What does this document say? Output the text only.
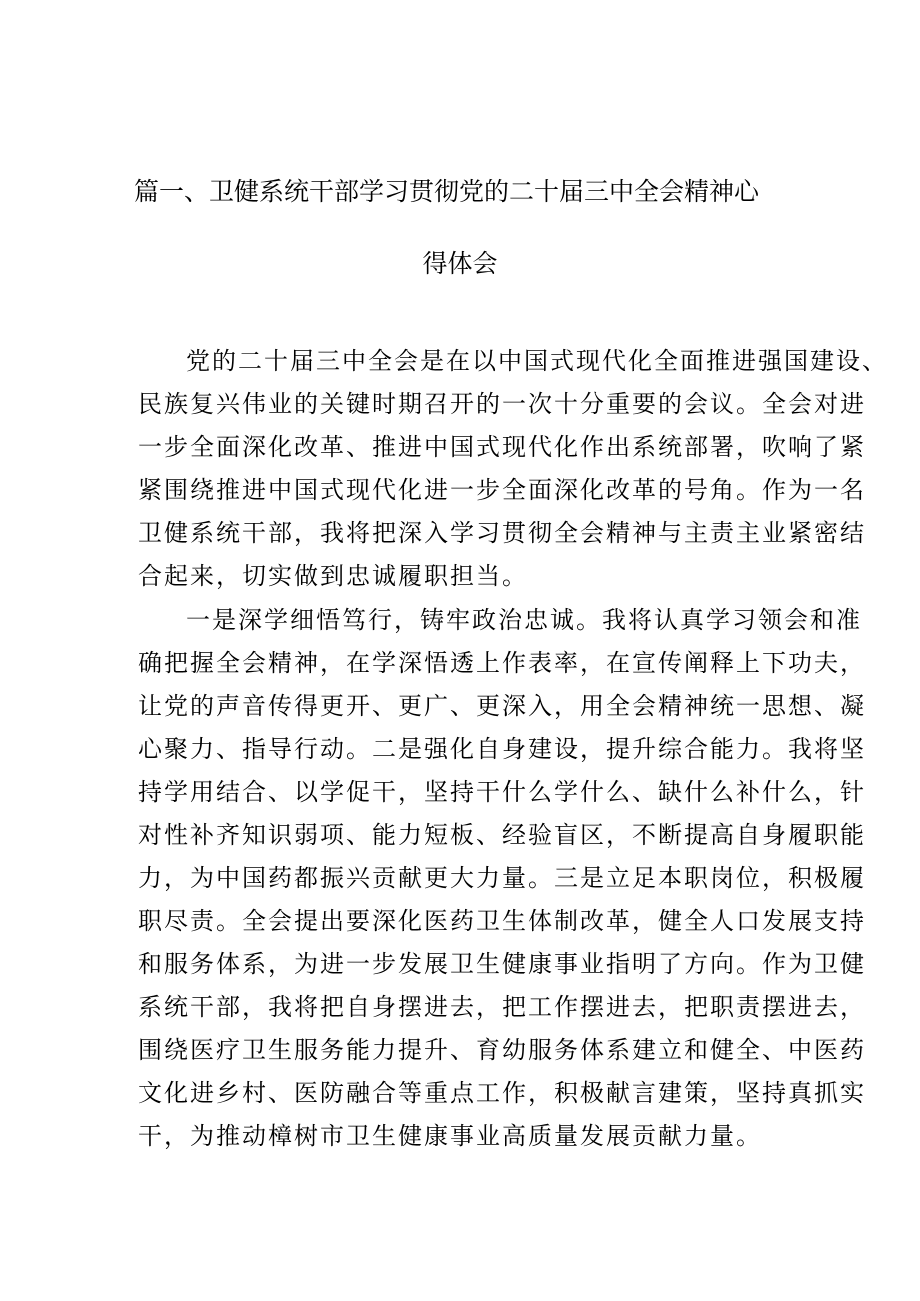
篇一、卫健系统干部学习贯彻党的二十届三中全会精神心
得体会
党的二十届三中全会是在以中国式现代化全面推进强国建设、
民族复兴伟业的关键时期召开的一次十分重要的会议。全会对进
一步全面深化改革、推进中国式现代化作出系统部署，吹响了紧
紧围绕推进中国式现代化进一步全面深化改革的号角。作为一名
卫健系统干部，我将把深入学习贯彻全会精神与主责主业紧密结
合起来，切实做到忠诚履职担当。
一是深学细悟笃行，铸牢政治忠诚。我将认真学习领会和准
确把握全会精神，在学深悟透上作表率，在宣传阐释上下功夫，
让党的声音传得更开、更广、更深入，用全会精神统一思想、凝
心聚力、指导行动。二是强化自身建设，提升综合能力。我将坚
持学用结合、以学促干，坚持干什么学什么、缺什么补什么，针
对性补齐知识弱项、能力短板、经验盲区，不断提高自身履职能
力，为中国药都振兴贡献更大力量。三是立足本职岗位，积极履
职尽责。全会提出要深化医药卫生体制改革，健全人口发展支持
和服务体系，为进一步发展卫生健康事业指明了方向。作为卫健
系统干部，我将把自身摆进去，把工作摆进去，把职责摆进去，
围绕医疗卫生服务能力提升、育幼服务体系建立和健全、中医药
文化进乡村、医防融合等重点工作，积极献言建策，坚持真抓实
干，为推动樟树市卫生健康事业高质量发展贡献力量。
